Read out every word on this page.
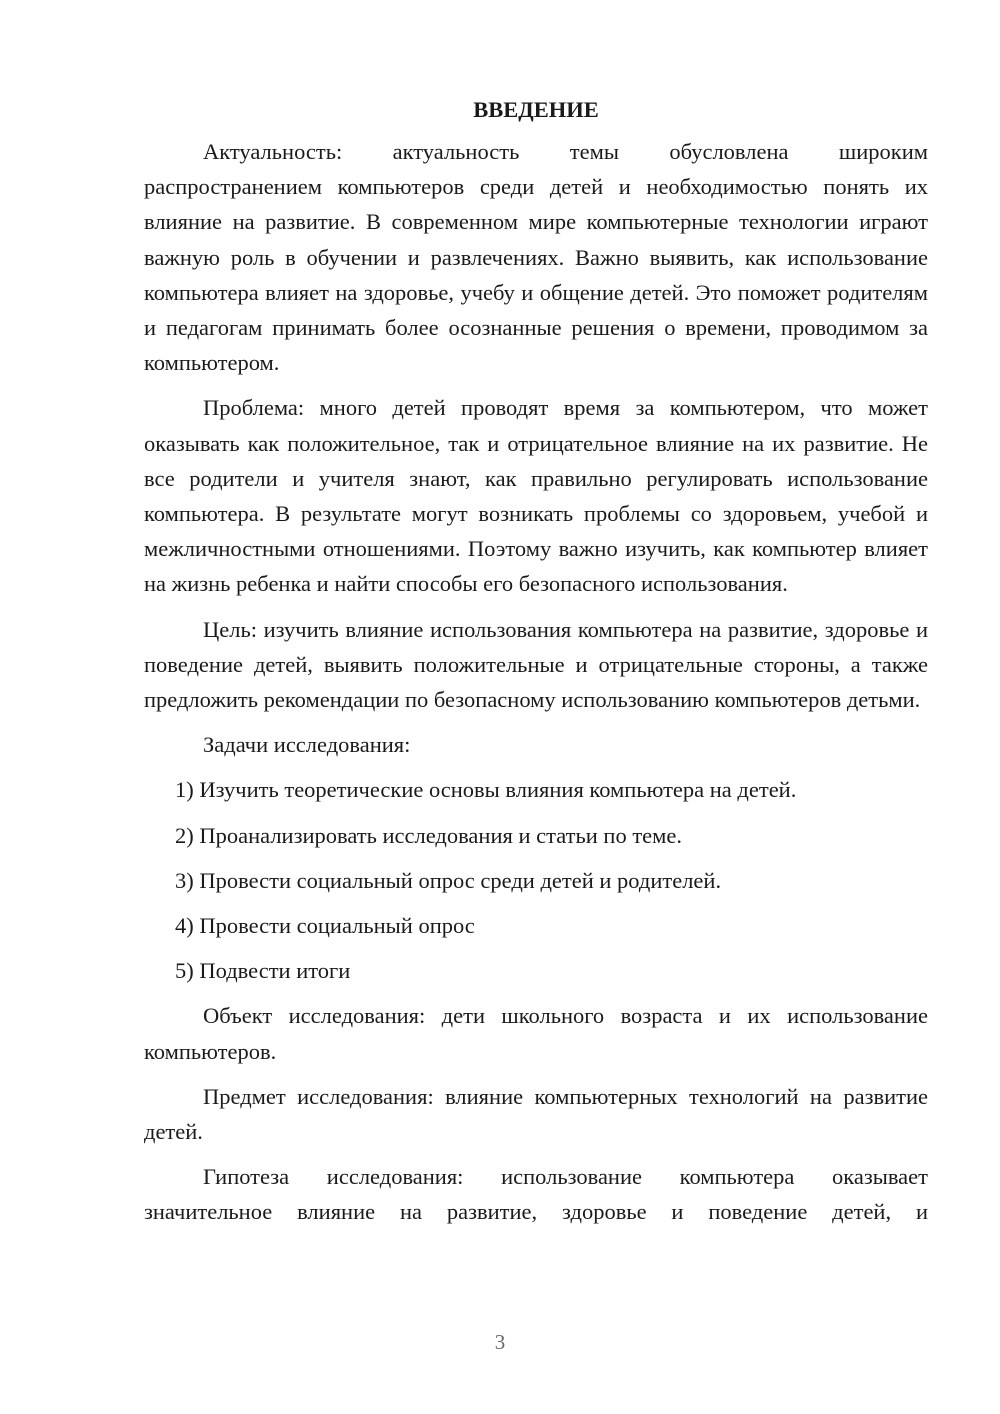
ВВЕДЕНИЕ

Актуальность: актуальность темы обусловлена широким распространением компьютеров среди детей и необходимостью понять их влияние на развитие. В современном мире компьютерные технологии играют важную роль в обучении и развлечениях. Важно выявить, как использование компьютера влияет на здоровье, учебу и общение детей. Это поможет родителям и педагогам принимать более осознанные решения о времени, проводимом за компьютером.

Проблема: много детей проводят время за компьютером, что может оказывать как положительное, так и отрицательное влияние на их развитие. Не все родители и учителя знают, как правильно регулировать использование компьютера. В результате могут возникать проблемы со здоровьем, учебой и межличностными отношениями. Поэтому важно изучить, как компьютер влияет на жизнь ребенка и найти способы его безопасного использования.

Цель: изучить влияние использования компьютера на развитие, здоровье и поведение детей, выявить положительные и отрицательные стороны, а также предложить рекомендации по безопасному использованию компьютеров детьми.

Задачи исследования:

1) Изучить теоретические основы влияния компьютера на детей.

2) Проанализировать исследования и статьи по теме.

3) Провести социальный опрос среди детей и родителей.

4) Провести социальный опрос

5) Подвести итоги

Объект исследования: дети школьного возраста и их использование компьютеров.

Предмет исследования: влияние компьютерных технологий на развитие детей.

Гипотеза исследования: использование компьютера оказывает значительное влияние на развитие, здоровье и поведение детей, и

3
